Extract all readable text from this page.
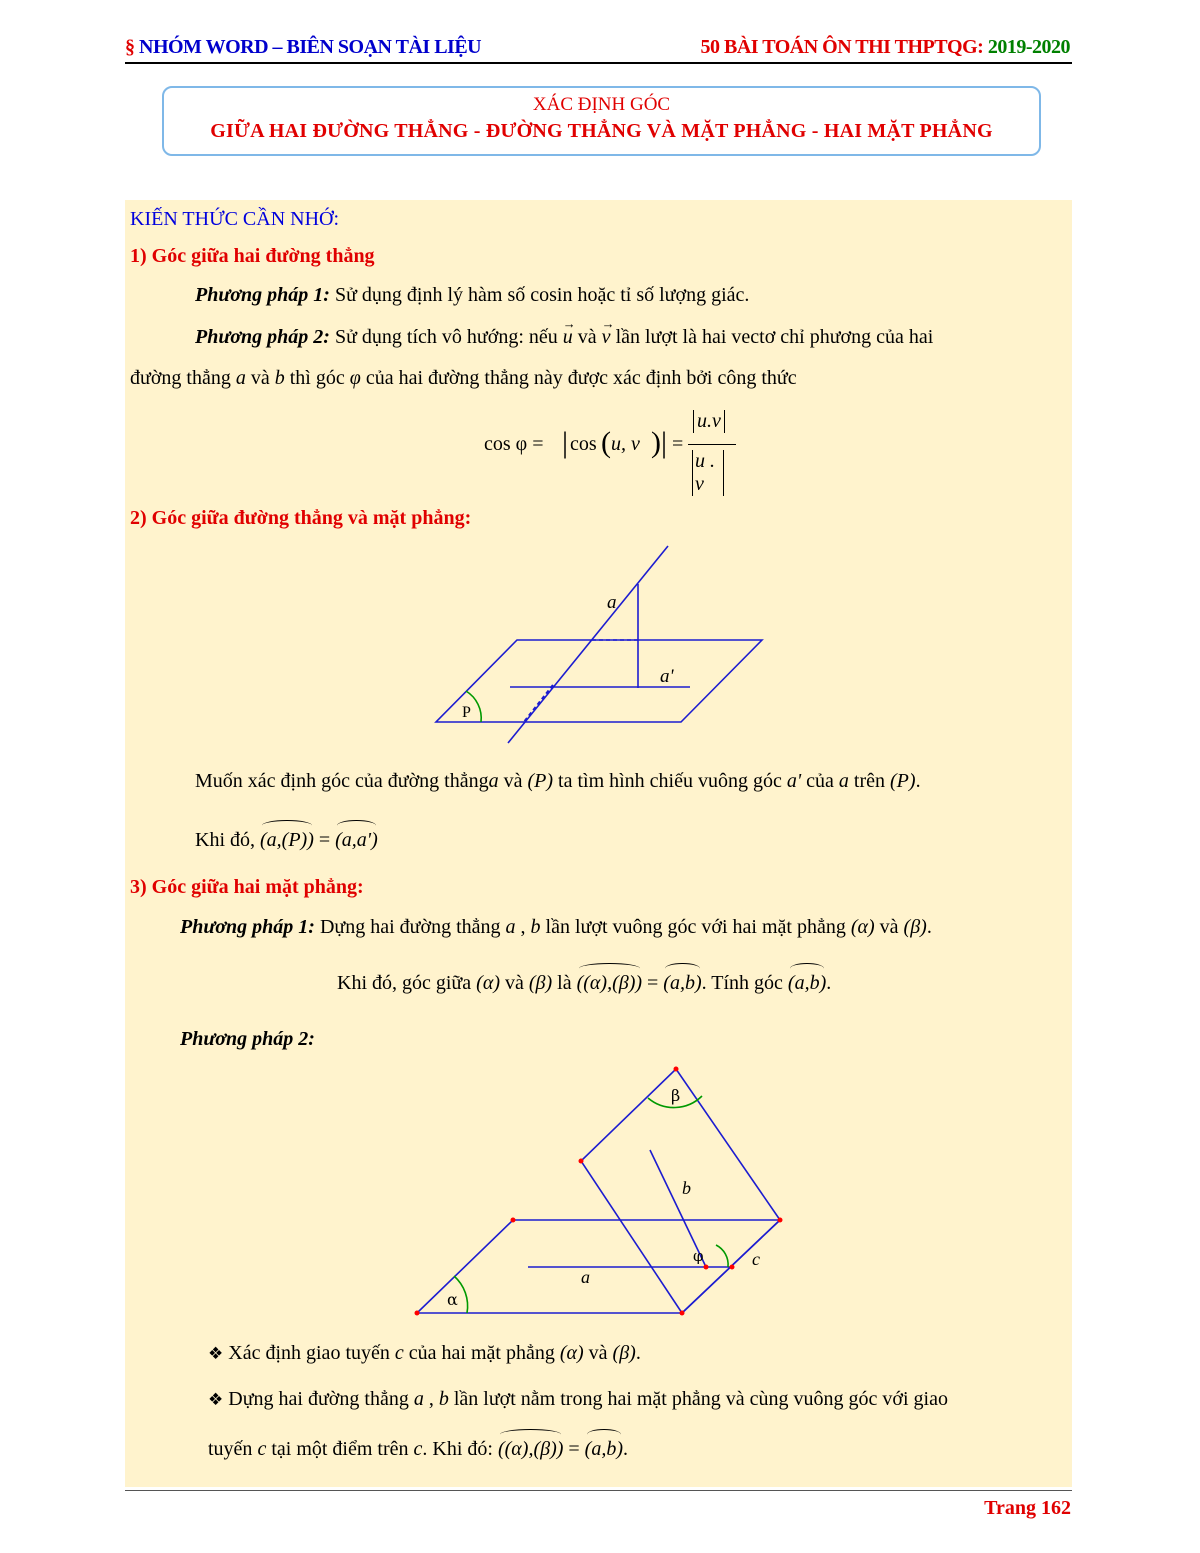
§ NHÓM WORD – BIÊN SOẠN TÀI LIỆU	50 BÀI TOÁN ÔN THI THPTQG: 2019-2020
XÁC ĐỊNH GÓC
GIỮA HAI ĐƯỜNG THẲNG - ĐƯỜNG THẲNG VÀ MẶT PHẲNG - HAI MẶT PHẲNG
KIẾN THỨC CẦN NHỚ:
1) Góc giữa hai đường thẳng
Phương pháp 1: Sử dụng định lý hàm số cosin hoặc tỉ số lượng giác.
Phương pháp 2: Sử dụng tích vô hướng: nếu → u và → v lần lượt là hai vectơ chỉ phương của hai
đường thẳng a và b thì góc φ của hai đường thẳng này được xác định bởi công thức
cos φ = | cos ( u, v ) | =
u.v
u . v
2) Góc giữa đường thẳng và mặt phẳng:
a
a'
P
Muốn xác định góc của đường thẳnga và (P) ta tìm hình chiếu vuông góc a' của a trên (P).
Khi đó, (a,(P)) = (a,a')
3) Góc giữa hai mặt phẳng:
Phương pháp 1: Dựng hai đường thẳng a , b lần lượt vuông góc với hai mặt phẳng (α) và (β).
Khi đó, góc giữa (α) và (β) là ((α),(β)) = (a,b). Tính góc (a,b).
Phương pháp 2:
β
b
φ	c
a
α
❖ Xác định giao tuyến c của hai mặt phẳng (α) và (β).
❖ Dựng hai đường thẳng a , b lần lượt nằm trong hai mặt phẳng và cùng vuông góc với giao
tuyến c tại một điểm trên c. Khi đó: ((α),(β)) = (a,b).
Trang 162
